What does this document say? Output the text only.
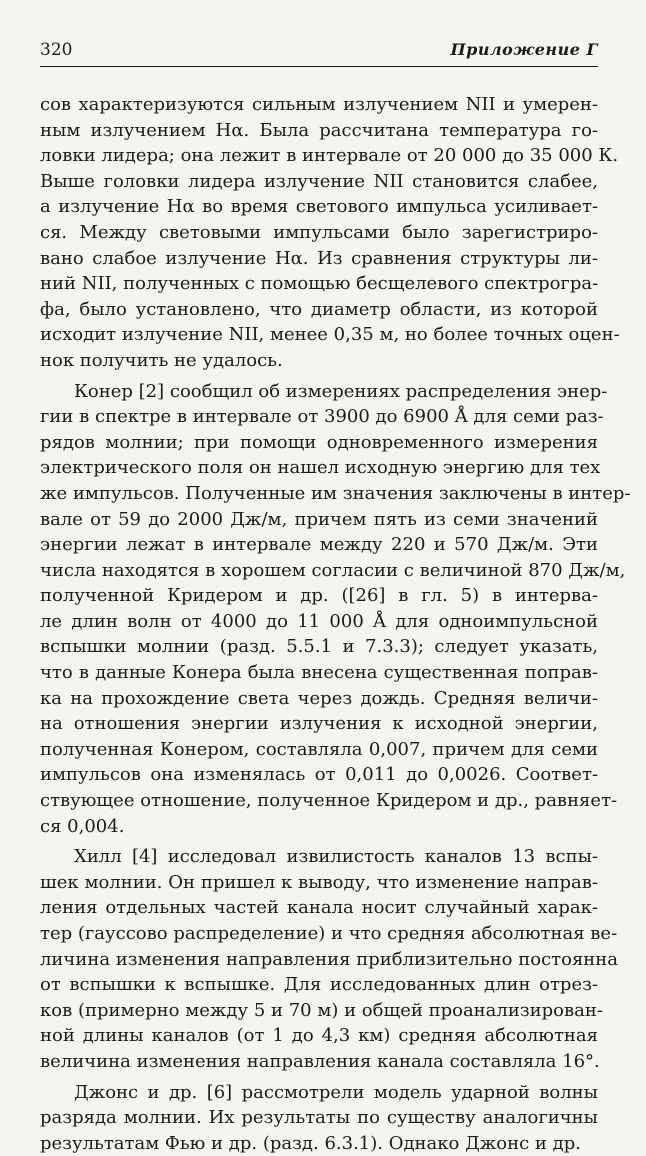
320	Приложение Г
сов характеризуются сильным излучением NII и умерен-
ным излучением Нα. Была рассчитана температура го-
ловки лидера; она лежит в интервале от 20 000 до 35 000 К.
Выше головки лидера излучение NII становится слабее,
а излучение Нα во время светового импульса усиливает-
ся. Между световыми импульсами было зарегистриро-
вано слабое излучение Нα. Из сравнения структуры ли-
ний NII, полученных с помощью бесщелевого спектрогра-
фа, было установлено, что диаметр области, из которой
исходит излучение NII, менее 0,35 м, но более точных оцен-
нок получить не удалось.
Конер [2] сообщил об измерениях распределения энер-
гии в спектре в интервале от 3900 до 6900 Å для семи раз-
рядов молнии; при помощи одновременного измерения
электрического поля он нашел исходную энергию для тех
же импульсов. Полученные им значения заключены в интер-
вале от 59 до 2000 Дж/м, причем пять из семи значений
энергии лежат в интервале между 220 и 570 Дж/м. Эти
числа находятся в хорошем согласии с величиной 870 Дж/м,
полученной Кридером и др. ([26] в гл. 5) в интерва-
ле длин волн от 4000 до 11 000 Å для одноимпульсной
вспышки молнии (разд. 5.5.1 и 7.3.3); следует указать,
что в данные Конера была внесена существенная поправ-
ка на прохождение света через дождь. Средняя величи-
на отношения энергии излучения к исходной энергии,
полученная Конером, составляла 0,007, причем для семи
импульсов она изменялась от 0,011 до 0,0026. Соответ-
ствующее отношение, полученное Кридером и др., равняет-
ся 0,004.
Хилл [4] исследовал извилистость каналов 13 вспы-
шек молнии. Он пришел к выводу, что изменение направ-
ления отдельных частей канала носит случайный харак-
тер (гауссово распределение) и что средняя абсолютная ве-
личина изменения направления приблизительно постоянна
от вспышки к вспышке. Для исследованных длин отрез-
ков (примерно между 5 и 70 м) и общей проанализирован-
ной длины каналов (от 1 до 4,3 км) средняя абсолютная
величина изменения направления канала составляла 16°.
Джонс и др. [6] рассмотрели модель ударной волны
разряда молнии. Их результаты по существу аналогичны
результатам Фью и др. (разд. 6.3.1). Однако Джонс и др.
